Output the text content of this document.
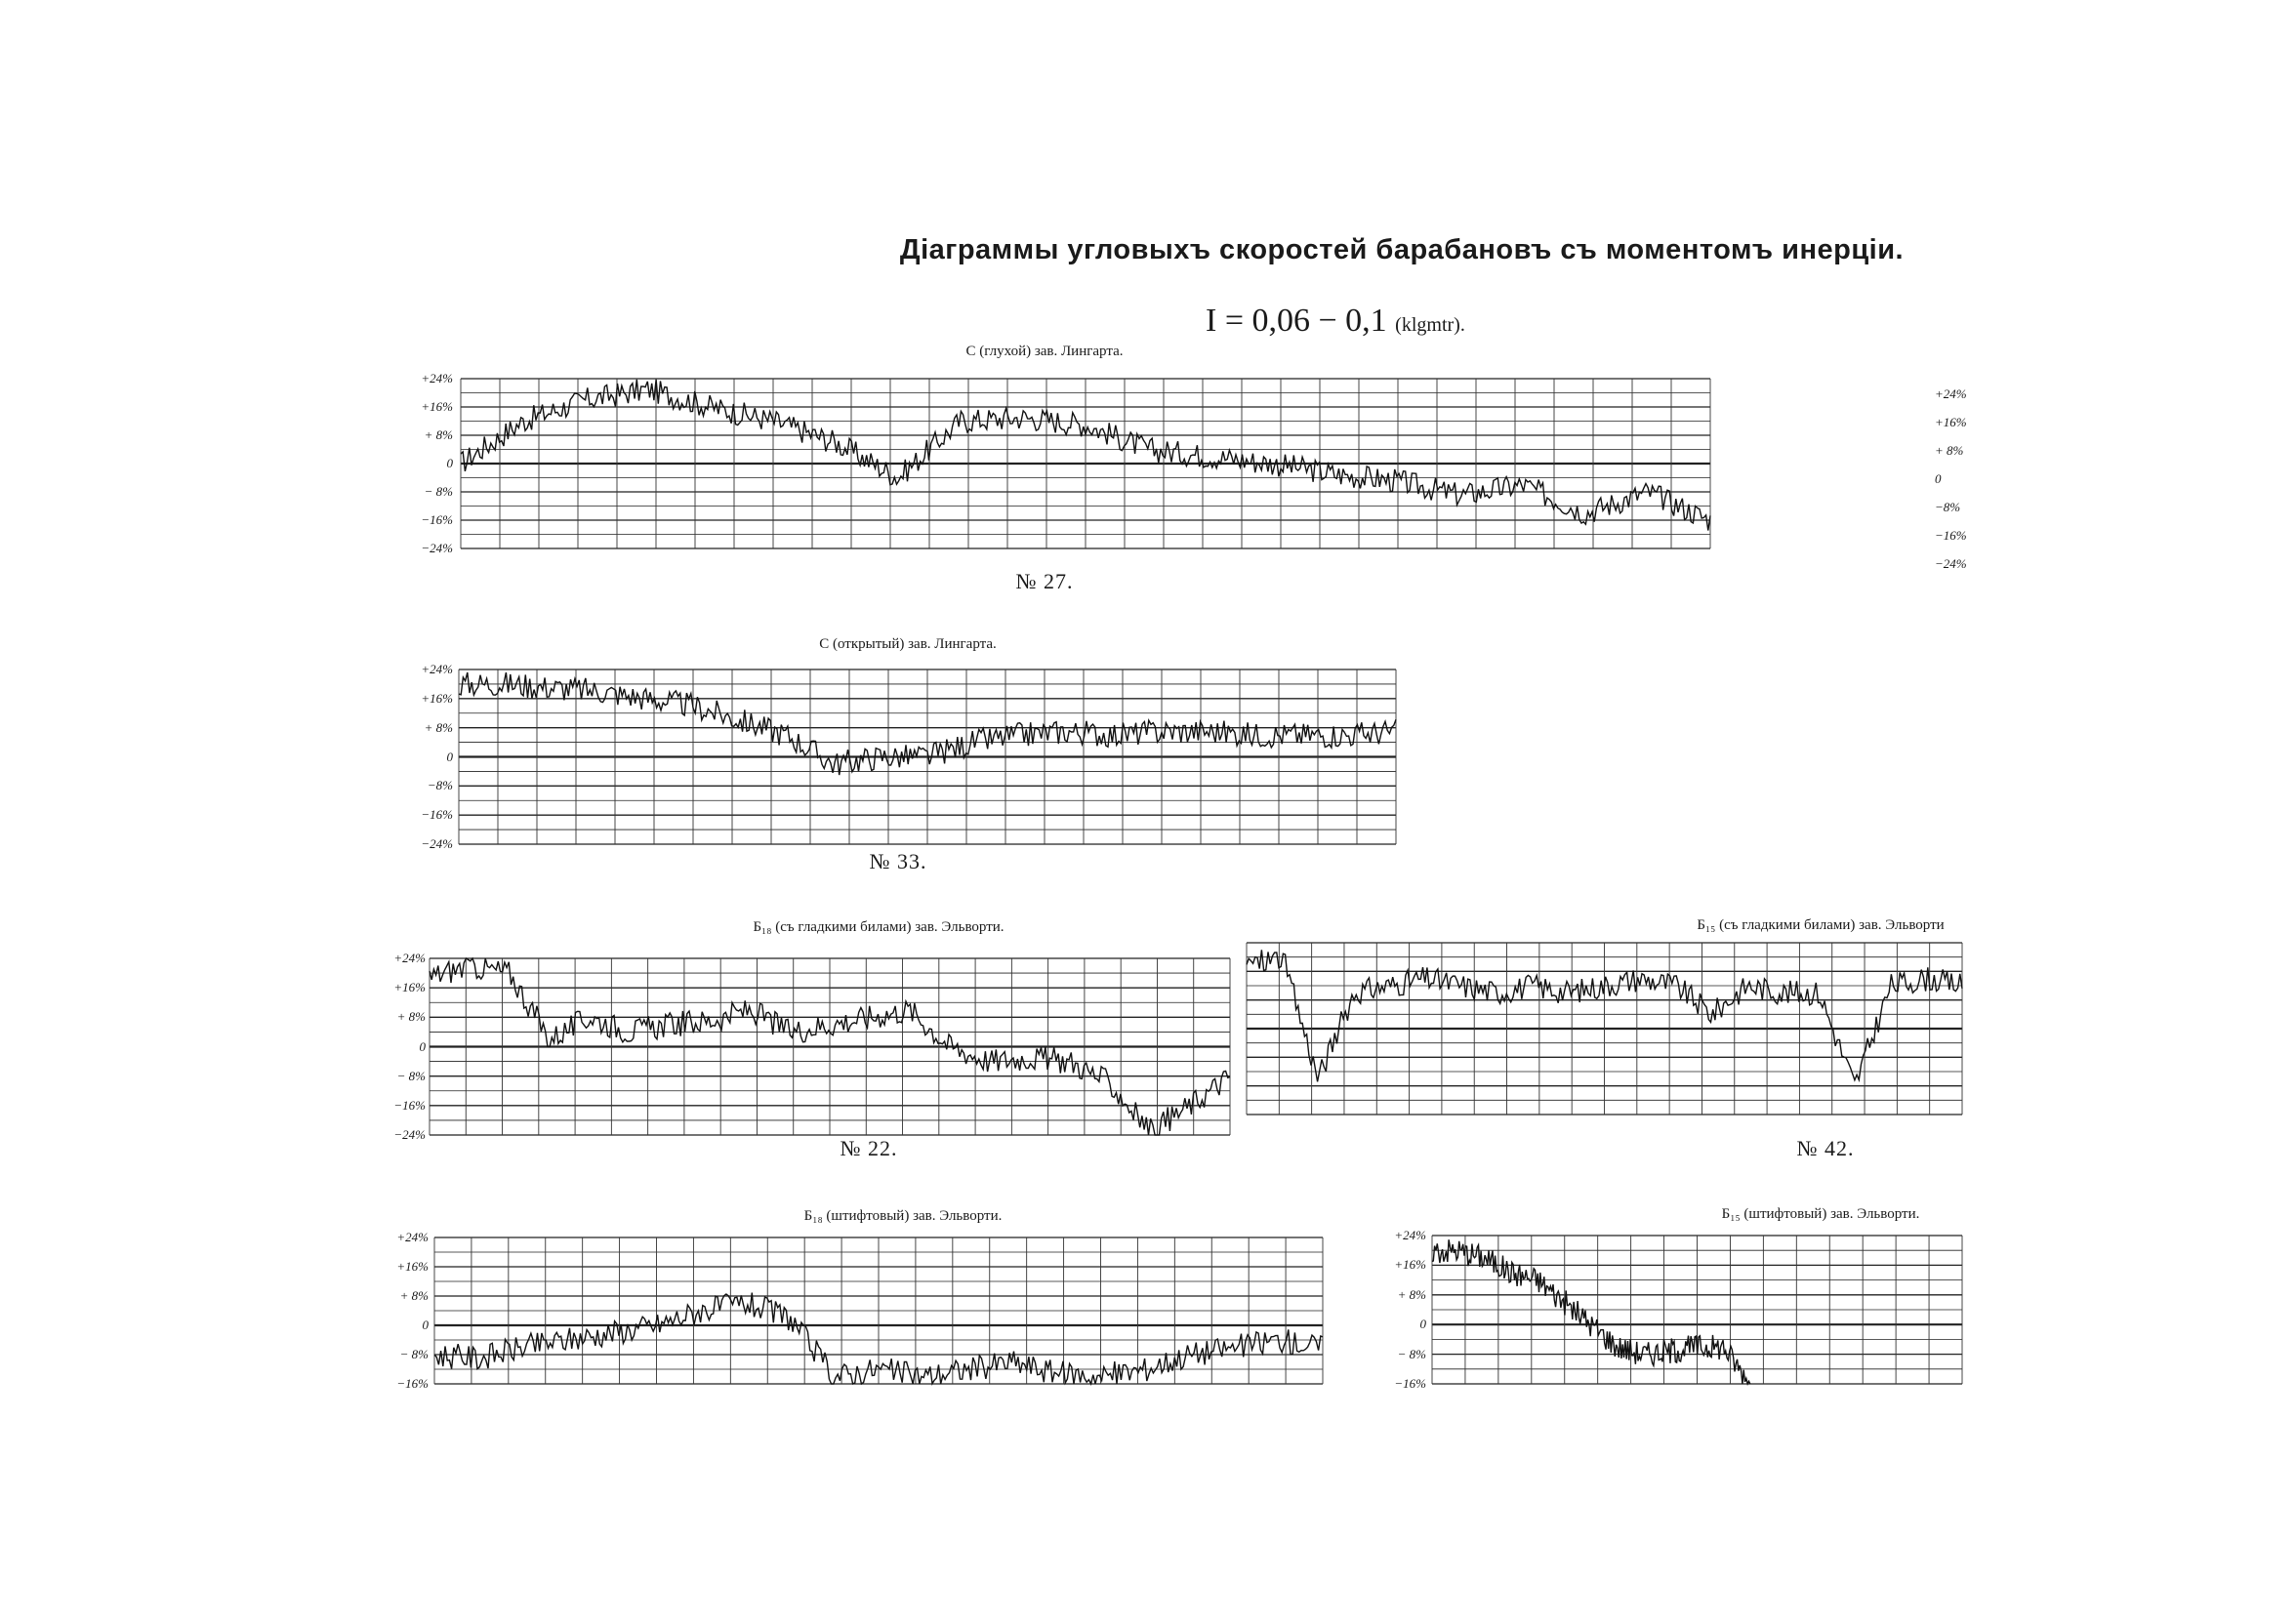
Діаграммы угловыхъ скоростей барабановъ съ моментомъ инерціи.
I = 0,06 − 0,1 (klgmtr).
+24%
+16%
+ 8%
0
− 8%
−16%
−24%
+24%
+16%
+ 8%
0
−8%
−16%
−24%
C (глухой) зав. Лингарта.
№ 27.
+24%
+16%
+ 8%
0
−8%
−16%
−24%
C (открытый) зав. Лингарта.
№ 33.
+24%
+16%
+ 8%
0
− 8%
−16%
−24%
Б₁₈ (съ гладкими билами) зав. Эльворти.
№ 22.
Б₁₅ (съ гладкими билами) зав. Эльворти
№ 42.
+24%
+16%
+ 8%
0
− 8%
−16%
Б₁₈ (штифтовый) зав. Эльворти.
+24%
+16%
+ 8%
0
− 8%
−16%
Б₁₅ (штифтовый) зав. Эльворти.
